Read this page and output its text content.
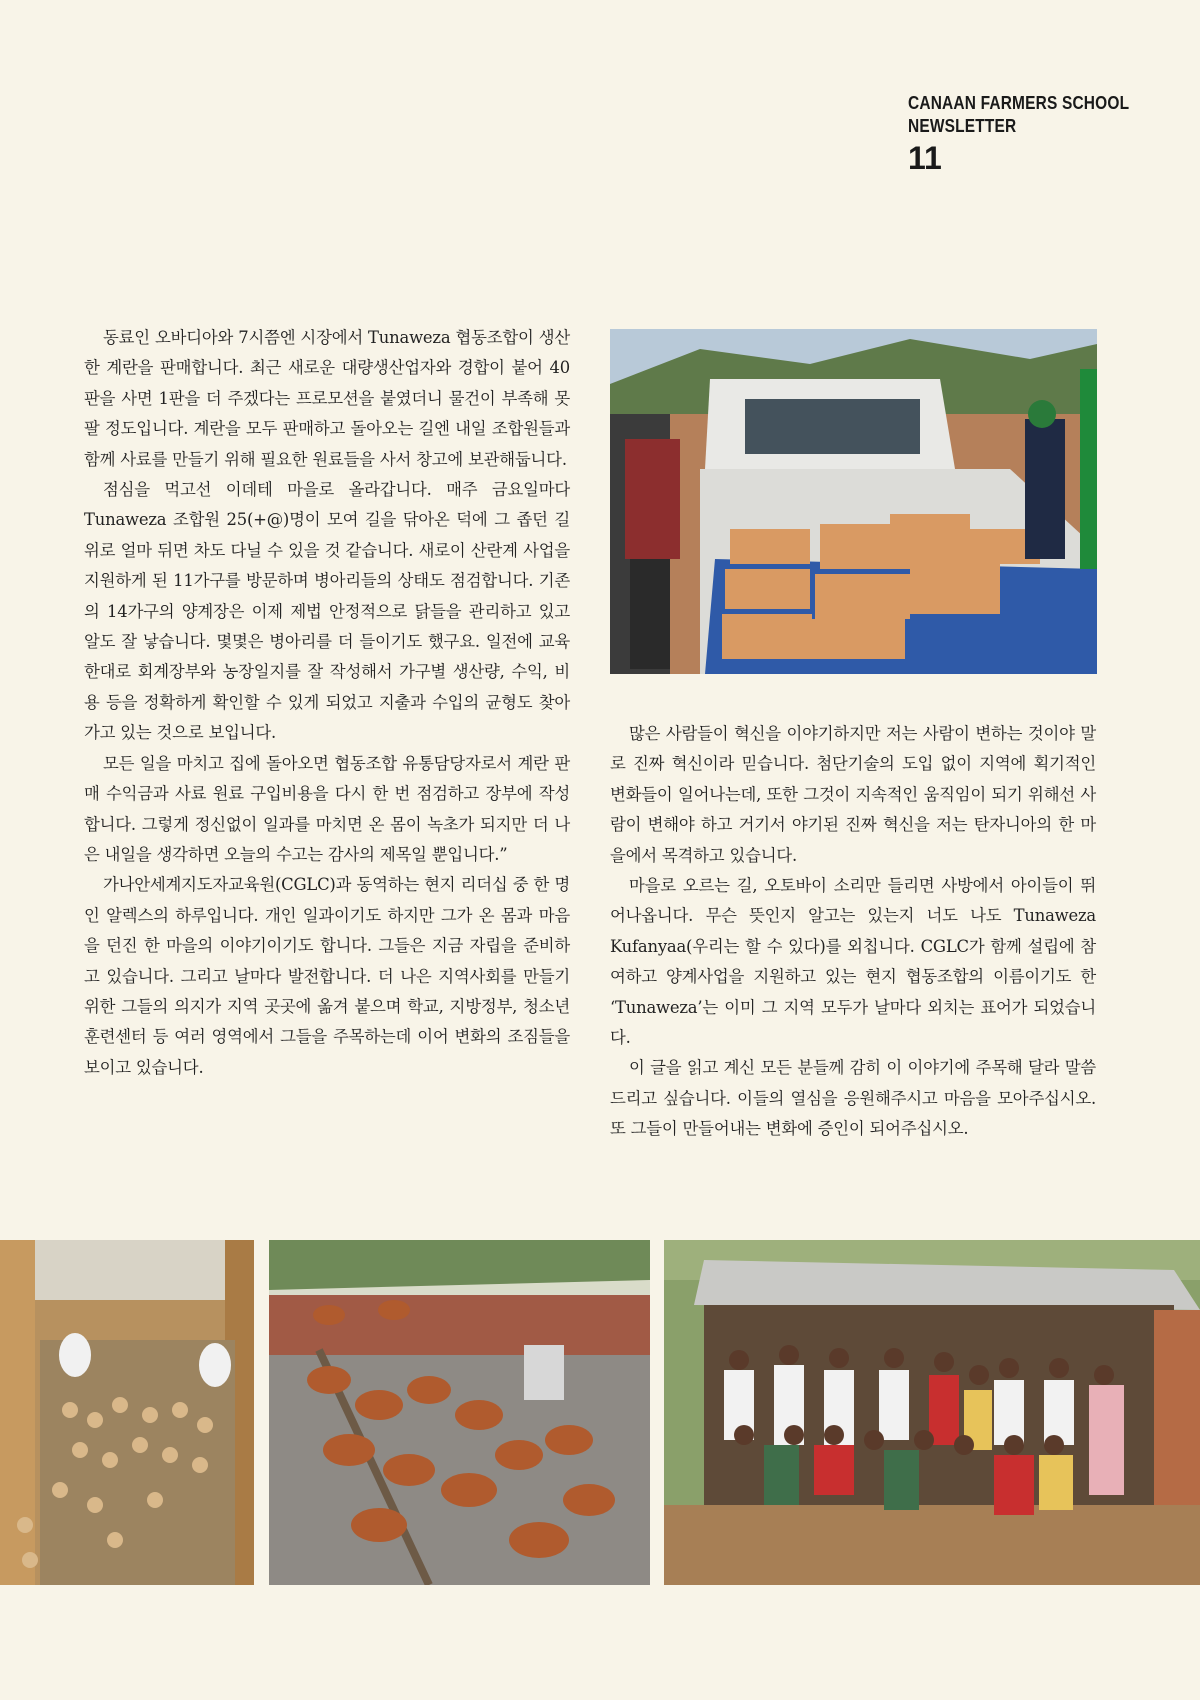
CANAAN FARMERS SCHOOL
NEWSLETTER
11

동료인 오바디아와 7시쯤엔 시장에서 Tunaweza 협동조합이 생산한 계란을 판매합니다. 최근 새로운 대량생산업자와 경합이 붙어 40판을 사면 1판을 더 주겠다는 프로모션을 붙였더니 물건이 부족해 못 팔 정도입니다. 계란을 모두 판매하고 돌아오는 길엔 내일 조합원들과 함께 사료를 만들기 위해 필요한 원료들을 사서 창고에 보관해둡니다.

점심을 먹고선 이데테 마을로 올라갑니다. 매주 금요일마다 Tunaweza 조합원 25(+@)명이 모여 길을 닦아온 덕에 그 좁던 길 위로 얼마 뒤면 차도 다닐 수 있을 것 같습니다. 새로이 산란계 사업을 지원하게 된 11가구를 방문하며 병아리들의 상태도 점검합니다. 기존의 14가구의 양계장은 이제 제법 안정적으로 닭들을 관리하고 있고 알도 잘 낳습니다. 몇몇은 병아리를 더 들이기도 했구요. 일전에 교육한대로 회계장부와 농장일지를 잘 작성해서 가구별 생산량, 수익, 비용 등을 정확하게 확인할 수 있게 되었고 지출과 수입의 균형도 찾아가고 있는 것으로 보입니다.

모든 일을 마치고 집에 돌아오면 협동조합 유통담당자로서 계란 판매 수익금과 사료 원료 구입비용을 다시 한 번 점검하고 장부에 작성합니다. 그렇게 정신없이 일과를 마치면 온 몸이 녹초가 되지만 더 나은 내일을 생각하면 오늘의 수고는 감사의 제목일 뿐입니다.”

가나안세계지도자교육원(CGLC)과 동역하는 현지 리더십 중 한 명인 알렉스의 하루입니다. 개인 일과이기도 하지만 그가 온 몸과 마음을 던진 한 마을의 이야기이기도 합니다. 그들은 지금 자립을 준비하고 있습니다. 그리고 날마다 발전합니다. 더 나은 지역사회를 만들기 위한 그들의 의지가 지역 곳곳에 옮겨 붙으며 학교, 지방정부, 청소년 훈련센터 등 여러 영역에서 그들을 주목하는데 이어 변화의 조짐들을 보이고 있습니다.

많은 사람들이 혁신을 이야기하지만 저는 사람이 변하는 것이야 말로 진짜 혁신이라 믿습니다. 첨단기술의 도입 없이 지역에 획기적인 변화들이 일어나는데, 또한 그것이 지속적인 움직임이 되기 위해선 사람이 변해야 하고 거기서 야기된 진짜 혁신을 저는 탄자니아의 한 마을에서 목격하고 있습니다.

마을로 오르는 길, 오토바이 소리만 들리면 사방에서 아이들이 뛰어나옵니다. 무슨 뜻인지 알고는 있는지 너도 나도 Tunaweza Kufanyaa(우리는 할 수 있다)를 외칩니다. CGLC가 함께 설립에 참여하고 양계사업을 지원하고 있는 현지 협동조합의 이름이기도 한 ‘Tunaweza’는 이미 그 지역 모두가 날마다 외치는 표어가 되었습니다.

이 글을 읽고 계신 모든 분들께 감히 이 이야기에 주목해 달라 말씀드리고 싶습니다. 이들의 열심을 응원해주시고 마음을 모아주십시오. 또 그들이 만들어내는 변화에 증인이 되어주십시오.
